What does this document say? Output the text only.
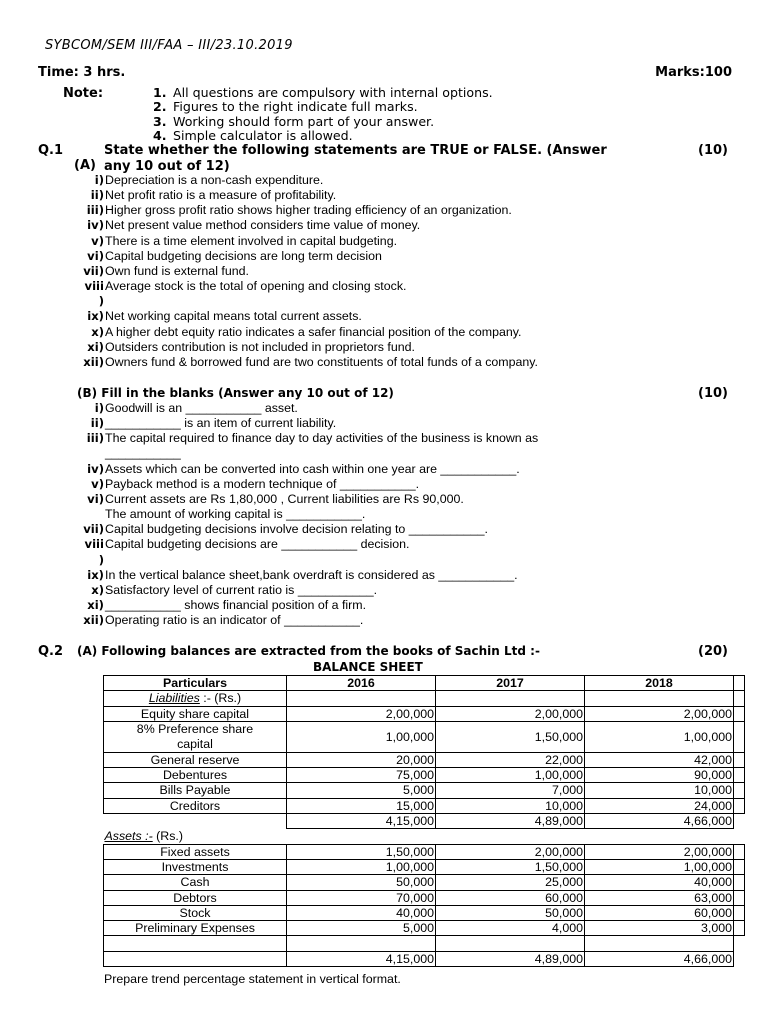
SYBCOM/SEM III/FAA – III/23.10.2019
Time: 3 hrs.	Marks:100
Note:	1. All questions are compulsory with internal options.
2. Figures to the right indicate full marks.
3. Working should form part of your answer.
4. Simple calculator is allowed.
Q.1	State whether the following statements are TRUE or FALSE. (Answer	(10)
(A) any 10 out of 12)
i) Depreciation is a non-cash expenditure.
ii) Net profit ratio is a measure of profitability.
iii) Higher gross profit ratio shows higher trading efficiency of an organization.
iv) Net present value method considers time value of money.
v) There is a time element involved in capital budgeting.
vi) Capital budgeting decisions are long term decision
vii) Own fund is external fund.
viii Average stock is the total of opening and closing stock.
)

ix) Net working capital means total current assets.
x) A higher debt equity ratio indicates a safer financial position of the company.
xi) Outsiders contribution is not included in proprietors fund.
xii) Owners fund & borrowed fund are two constituents of total funds of a company.
(B) Fill in the blanks (Answer any 10 out of 12)	(10)
i) Goodwill is an ___________ asset.
ii) ___________ is an item of current liability.
iii) The capital required to finance day to day activities of the business is known as
___________
iv) Assets which can be converted into cash within one year are ___________.
v) Payback method is a modern technique of ___________.
vi) Current assets are Rs 1,80,000 , Current liabilities are Rs 90,000.
The amount of working capital is ___________.
vii) Capital budgeting decisions involve decision relating to ___________.
viii Capital budgeting decisions are ___________ decision.
)

ix) In the vertical balance sheet,bank overdraft is considered as ___________.
x) Satisfactory level of current ratio is ___________.
xi) ___________ shows financial position of a firm.
xii) Operating ratio is an indicator of ___________.
Q.2 (A) Following balances are extracted from the books of Sachin Ltd :-	(20)
BALANCE SHEET
Particulars	2016	2017	2018	
Liabilities :- (Rs.)				
Equity share capital	2,00,000	2,00,000	2,00,000	
8% Preference share capital	1,00,000	1,50,000	1,00,000	
General reserve	20,000	22,000	42,000	
Debentures	75,000	1,00,000	90,000	
Bills Payable	5,000	7,000	10,000	
Creditors	15,000	10,000	24,000	
	4,15,000	4,89,000	4,66,000	
Assets :- (Rs.)				
Fixed assets	1,50,000	2,00,000	2,00,000	
Investments	1,00,000	1,50,000	1,00,000	
Cash	50,000	25,000	40,000	
Debtors	70,000	60,000	63,000	
Stock	40,000	50,000	60,000	
Preliminary Expenses	5,000	4,000	3,000	

	4,15,000	4,89,000	4,66,000	
Prepare trend percentage statement in vertical format.
